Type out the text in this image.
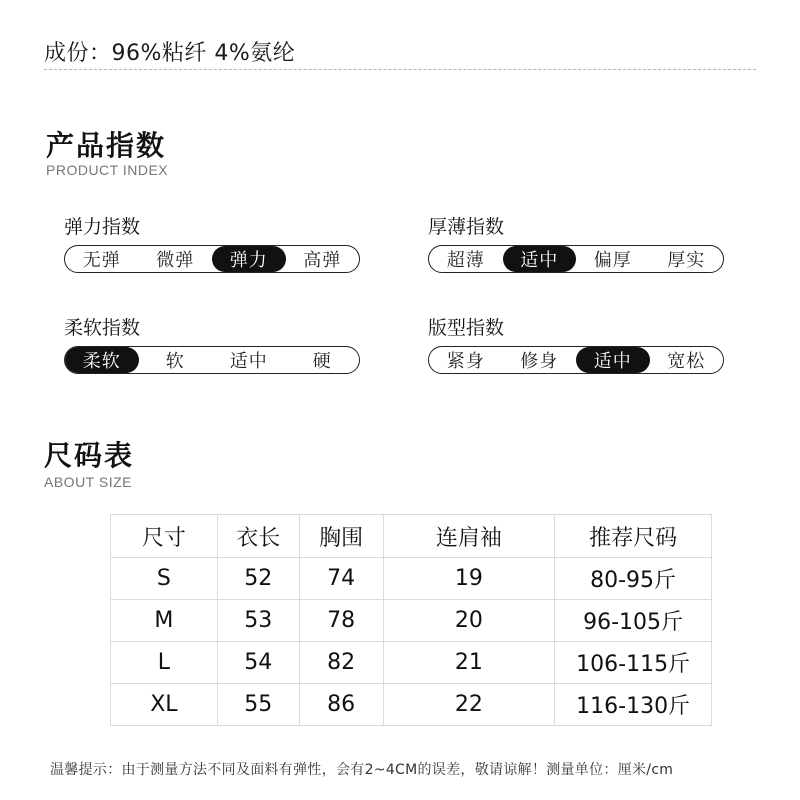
成份：96%粘纤 4%氨纶
产品指数
PRODUCT INDEX
弹力指数
无弹	微弹	弹力	高弹
厚薄指数
超薄	适中	偏厚	厚实
柔软指数
柔软	软	适中	硬
版型指数
紧身	修身	适中	宽松
尺码表
ABOUT SIZE
尺寸	衣长	胸围	连肩袖	推荐尺码
S	52	74	19	80-95斤
M	53	78	20	96-105斤
L	54	82	21	106-115斤
XL	55	86	22	116-130斤
温馨提示：由于测量方法不同及面料有弹性，会有2~4CM的误差，敬请谅解！测量单位：厘米/cm
